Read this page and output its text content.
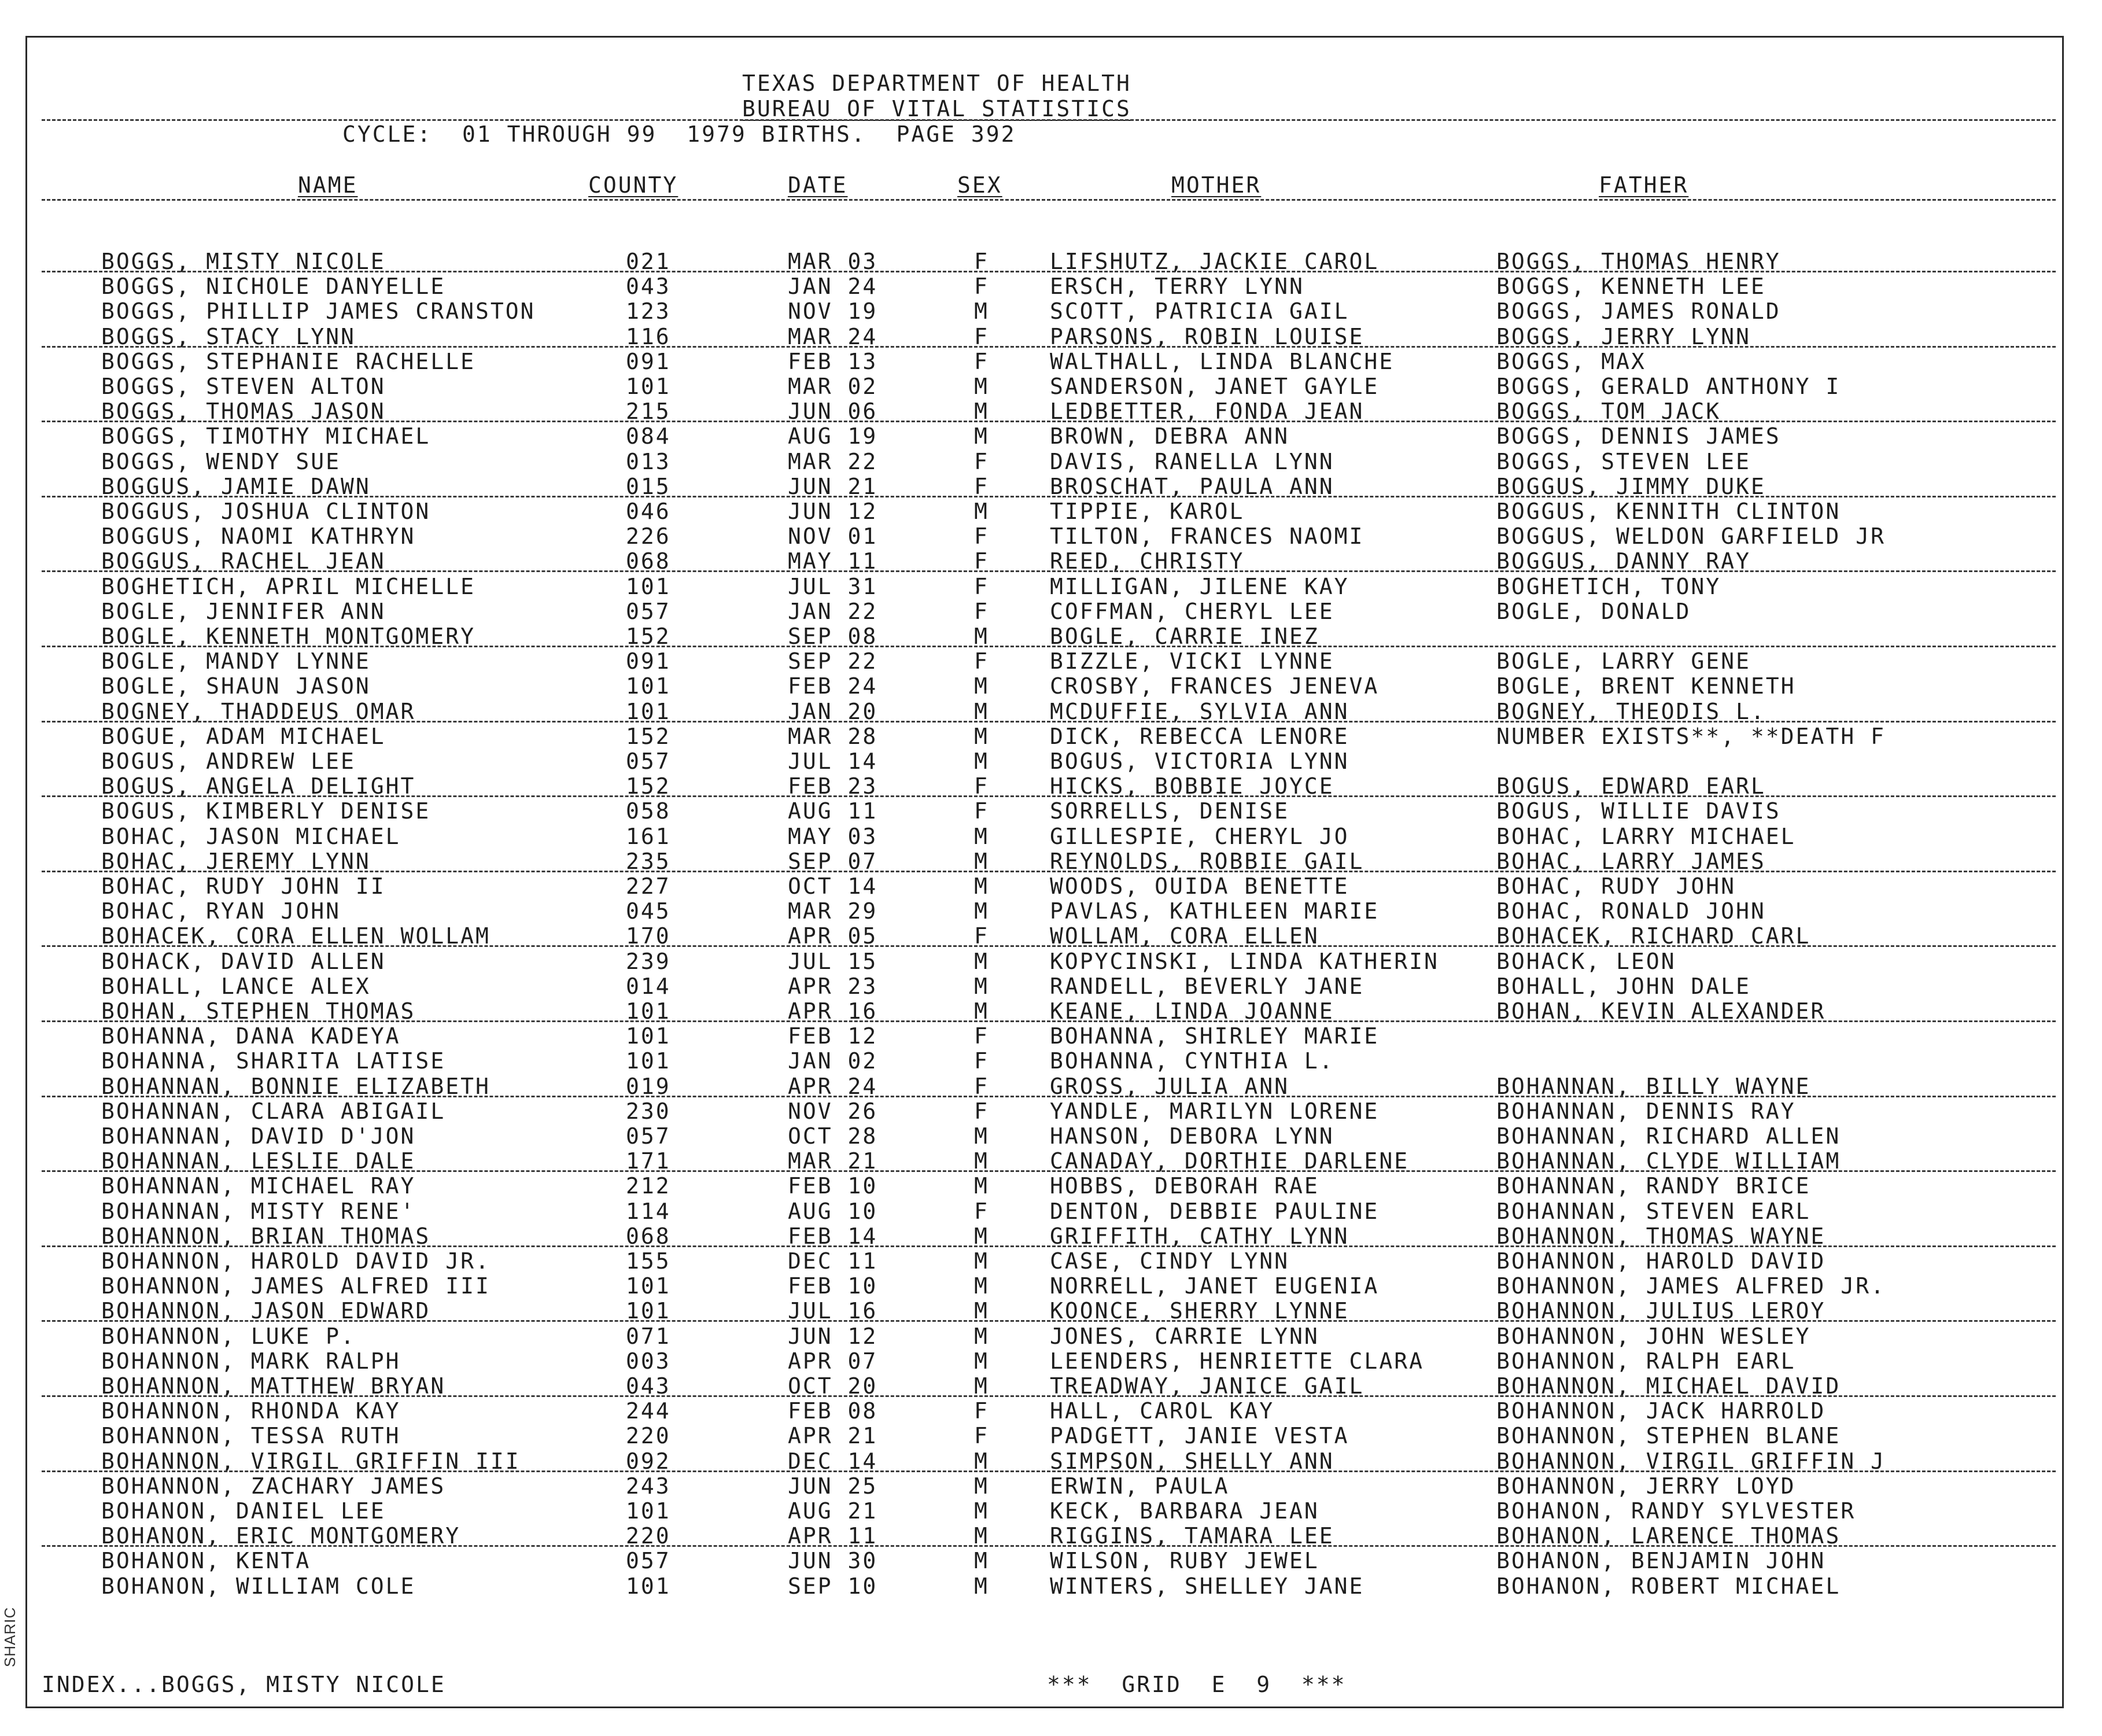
SHARIC
TEXAS DEPARTMENT OF HEALTH
BUREAU OF VITAL STATISTICS
CYCLE:  01 THROUGH 99  1979 BIRTHS.  PAGE 392
NAME	COUNTY	DATE	SEX	MOTHER	FATHER
BOGGS, MISTY NICOLE	021	MAR 03	F	LIFSHUTZ, JACKIE CAROL	BOGGS, THOMAS HENRY
BOGGS, NICHOLE DANYELLE	043	JAN 24	F	ERSCH, TERRY LYNN	BOGGS, KENNETH LEE
BOGGS, PHILLIP JAMES CRANSTON	123	NOV 19	M	SCOTT, PATRICIA GAIL	BOGGS, JAMES RONALD
BOGGS, STACY LYNN	116	MAR 24	F	PARSONS, ROBIN LOUISE	BOGGS, JERRY LYNN
BOGGS, STEPHANIE RACHELLE	091	FEB 13	F	WALTHALL, LINDA BLANCHE	BOGGS, MAX
BOGGS, STEVEN ALTON	101	MAR 02	M	SANDERSON, JANET GAYLE	BOGGS, GERALD ANTHONY I
BOGGS, THOMAS JASON	215	JUN 06	M	LEDBETTER, FONDA JEAN	BOGGS, TOM JACK
BOGGS, TIMOTHY MICHAEL	084	AUG 19	M	BROWN, DEBRA ANN	BOGGS, DENNIS JAMES
BOGGS, WENDY SUE	013	MAR 22	F	DAVIS, RANELLA LYNN	BOGGS, STEVEN LEE
BOGGUS, JAMIE DAWN	015	JUN 21	F	BROSCHAT, PAULA ANN	BOGGUS, JIMMY DUKE
BOGGUS, JOSHUA CLINTON	046	JUN 12	M	TIPPIE, KAROL	BOGGUS, KENNITH CLINTON
BOGGUS, NAOMI KATHRYN	226	NOV 01	F	TILTON, FRANCES NAOMI	BOGGUS, WELDON GARFIELD JR
BOGGUS, RACHEL JEAN	068	MAY 11	F	REED, CHRISTY	BOGGUS, DANNY RAY
BOGHETICH, APRIL MICHELLE	101	JUL 31	F	MILLIGAN, JILENE KAY	BOGHETICH, TONY
BOGLE, JENNIFER ANN	057	JAN 22	F	COFFMAN, CHERYL LEE	BOGLE, DONALD
BOGLE, KENNETH MONTGOMERY	152	SEP 08	M	BOGLE, CARRIE INEZ
BOGLE, MANDY LYNNE	091	SEP 22	F	BIZZLE, VICKI LYNNE	BOGLE, LARRY GENE
BOGLE, SHAUN JASON	101	FEB 24	M	CROSBY, FRANCES JENEVA	BOGLE, BRENT KENNETH
BOGNEY, THADDEUS OMAR	101	JAN 20	M	MCDUFFIE, SYLVIA ANN	BOGNEY, THEODIS L.
BOGUE, ADAM MICHAEL	152	MAR 28	M	DICK, REBECCA LENORE	NUMBER EXISTS**, **DEATH F
BOGUS, ANDREW LEE	057	JUL 14	M	BOGUS, VICTORIA LYNN
BOGUS, ANGELA DELIGHT	152	FEB 23	F	HICKS, BOBBIE JOYCE	BOGUS, EDWARD EARL
BOGUS, KIMBERLY DENISE	058	AUG 11	F	SORRELLS, DENISE	BOGUS, WILLIE DAVIS
BOHAC, JASON MICHAEL	161	MAY 03	M	GILLESPIE, CHERYL JO	BOHAC, LARRY MICHAEL
BOHAC, JEREMY LYNN	235	SEP 07	M	REYNOLDS, ROBBIE GAIL	BOHAC, LARRY JAMES
BOHAC, RUDY JOHN II	227	OCT 14	M	WOODS, OUIDA BENETTE	BOHAC, RUDY JOHN
BOHAC, RYAN JOHN	045	MAR 29	M	PAVLAS, KATHLEEN MARIE	BOHAC, RONALD JOHN
BOHACEK, CORA ELLEN WOLLAM	170	APR 05	F	WOLLAM, CORA ELLEN	BOHACEK, RICHARD CARL
BOHACK, DAVID ALLEN	239	JUL 15	M	KOPYCINSKI, LINDA KATHERIN	BOHACK, LEON
BOHALL, LANCE ALEX	014	APR 23	M	RANDELL, BEVERLY JANE	BOHALL, JOHN DALE
BOHAN, STEPHEN THOMAS	101	APR 16	M	KEANE, LINDA JOANNE	BOHAN, KEVIN ALEXANDER
BOHANNA, DANA KADEYA	101	FEB 12	F	BOHANNA, SHIRLEY MARIE
BOHANNA, SHARITA LATISE	101	JAN 02	F	BOHANNA, CYNTHIA L.
BOHANNAN, BONNIE ELIZABETH	019	APR 24	F	GROSS, JULIA ANN	BOHANNAN, BILLY WAYNE
BOHANNAN, CLARA ABIGAIL	230	NOV 26	F	YANDLE, MARILYN LORENE	BOHANNAN, DENNIS RAY
BOHANNAN, DAVID D'JON	057	OCT 28	M	HANSON, DEBORA LYNN	BOHANNAN, RICHARD ALLEN
BOHANNAN, LESLIE DALE	171	MAR 21	M	CANADAY, DORTHIE DARLENE	BOHANNAN, CLYDE WILLIAM
BOHANNAN, MICHAEL RAY	212	FEB 10	M	HOBBS, DEBORAH RAE	BOHANNAN, RANDY BRICE
BOHANNAN, MISTY RENE'	114	AUG 10	F	DENTON, DEBBIE PAULINE	BOHANNAN, STEVEN EARL
BOHANNON, BRIAN THOMAS	068	FEB 14	M	GRIFFITH, CATHY LYNN	BOHANNON, THOMAS WAYNE
BOHANNON, HAROLD DAVID JR.	155	DEC 11	M	CASE, CINDY LYNN	BOHANNON, HAROLD DAVID
BOHANNON, JAMES ALFRED III	101	FEB 10	M	NORRELL, JANET EUGENIA	BOHANNON, JAMES ALFRED JR.
BOHANNON, JASON EDWARD	101	JUL 16	M	KOONCE, SHERRY LYNNE	BOHANNON, JULIUS LEROY
BOHANNON, LUKE P.	071	JUN 12	M	JONES, CARRIE LYNN	BOHANNON, JOHN WESLEY
BOHANNON, MARK RALPH	003	APR 07	M	LEENDERS, HENRIETTE CLARA	BOHANNON, RALPH EARL
BOHANNON, MATTHEW BRYAN	043	OCT 20	M	TREADWAY, JANICE GAIL	BOHANNON, MICHAEL DAVID
BOHANNON, RHONDA KAY	244	FEB 08	F	HALL, CAROL KAY	BOHANNON, JACK HARROLD
BOHANNON, TESSA RUTH	220	APR 21	F	PADGETT, JANIE VESTA	BOHANNON, STEPHEN BLANE
BOHANNON, VIRGIL GRIFFIN III	092	DEC 14	M	SIMPSON, SHELLY ANN	BOHANNON, VIRGIL GRIFFIN J
BOHANNON, ZACHARY JAMES	243	JUN 25	M	ERWIN, PAULA	BOHANNON, JERRY LOYD
BOHANON, DANIEL LEE	101	AUG 21	M	KECK, BARBARA JEAN	BOHANON, RANDY SYLVESTER
BOHANON, ERIC MONTGOMERY	220	APR 11	M	RIGGINS, TAMARA LEE	BOHANON, LARENCE THOMAS
BOHANON, KENTA	057	JUN 30	M	WILSON, RUBY JEWEL	BOHANON, BENJAMIN JOHN
BOHANON, WILLIAM COLE	101	SEP 10	M	WINTERS, SHELLEY JANE	BOHANON, ROBERT MICHAEL
INDEX...BOGGS, MISTY NICOLE	***  GRID  E  9  ***
